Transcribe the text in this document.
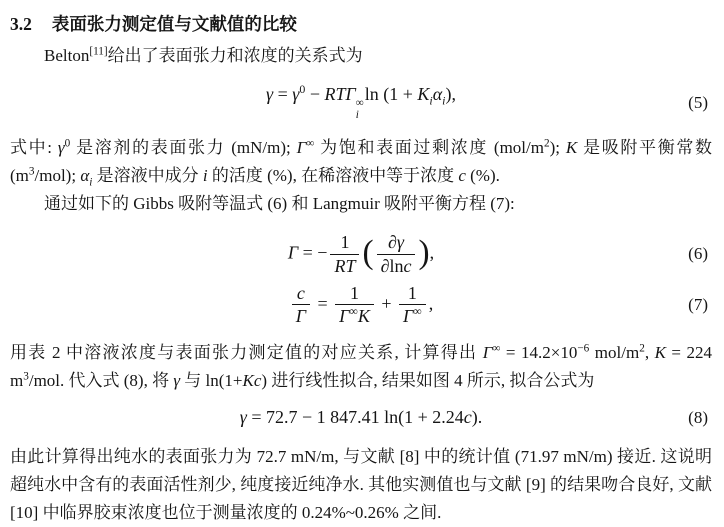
3.2 表面张力测定值与文献值的比较

Belton[11]给出了表面张力和浓度的关系式为

$\gamma = \gamma^0 - RT\Gamma$ ∞
i
$\ln (1 + K_i\alpha_i)$,	(5)

式中: $\gamma^0$ 是溶剂的表面张力 (mN/m); Γ∞ 为饱和表面过剩浓度 $(mol/m^2)$; K 是吸附平衡常数 $(m^3/mol)$; $\alpha_i$ 是溶液中成分 i 的活度 (%), 在稀溶液中等于浓度 c (%).

通过如下的 Gibbs 吸附等温式 (6) 和 Langmuir 吸附平衡方程 (7):

Γ = − $\frac{1}{RT}$ ( $\frac{\partial\gamma}{\partial\ln c}$ ),	(6)
$\frac{c}{\Gamma} = \frac{1}{\Gamma^\infty K} + \frac{1}{\Gamma^\infty}$ ,	(7)

用表 2 中溶液浓度与表面张力测定值的对应关系, 计算得出 $\Gamma^\infty = 14.2\times 10^{-6}$ mol/$m^2$, K = 224 $m^3$/mol. 代入式 (8), 将 γ 与 ln(1+Kc) 进行线性拟合, 结果如图 4 所示, 拟合公式为

γ = 72.7 − 1 847.41 ln(1 + 2.24c).	(8)

由此计算得出纯水的表面张力为 72.7 mN/m, 与文献 [8] 中的统计值 (71.97 mN/m) 接近. 这说明超纯水中含有的表面活性剂少, 纯度接近纯净水. 其他实测值也与文献 [9] 的结果吻合良好, 文献 [10] 中临界胶束浓度也位于测量浓度的 0.24%~0.26% 之间.
